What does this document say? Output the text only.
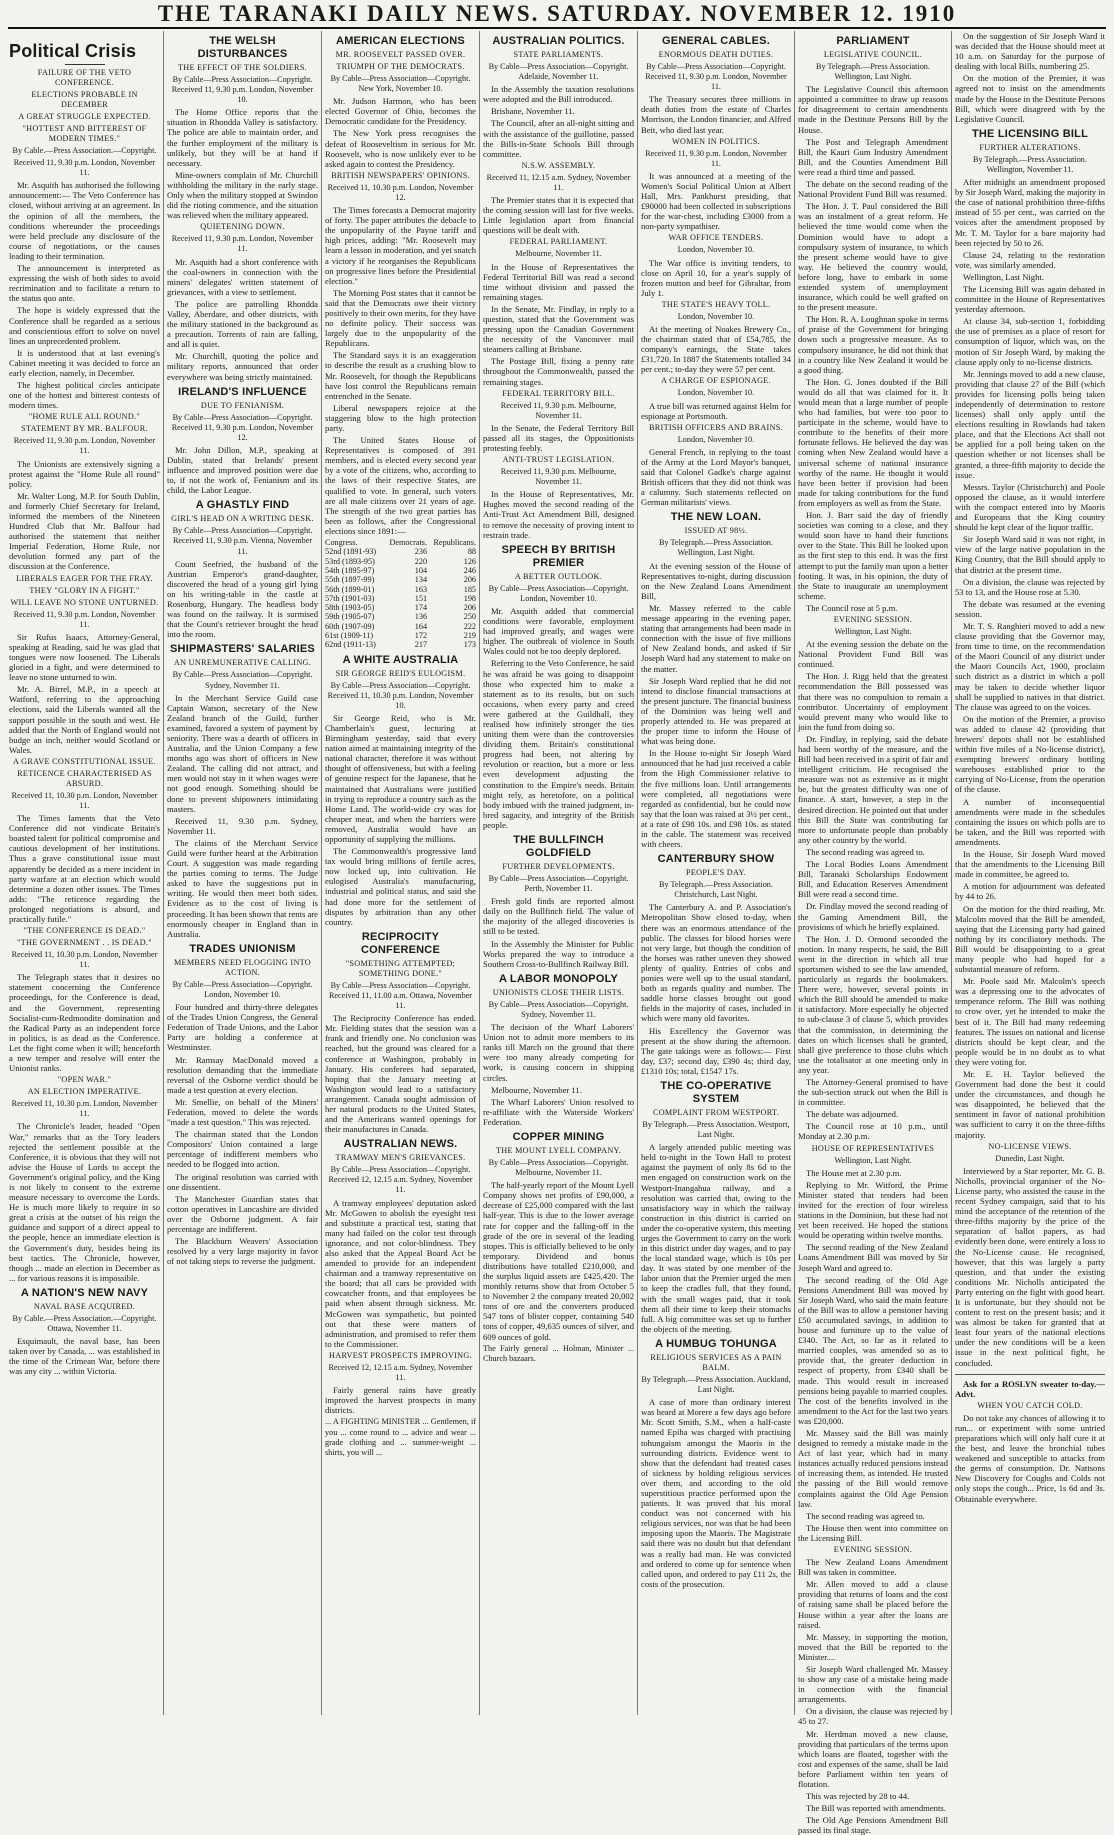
THE TARANAKI DAILY NEWS. SATURDAY. NOVEMBER 12. 1910
Political Crisis
FAILURE OF THE VETO CONFERENCE.
ELECTIONS PROBABLE IN DECEMBER
A GREAT STRUGGLE EXPECTED.
"HOTTEST AND BITTEREST OF MODERN TIMES."
By Cable.—Press Association.—Copyright.
Received 11, 9.30 p.m. London, November 11.

Mr. Asquith has authorised the following announcement:— The Veto Conference has closed, without arriving at an agreement. In the opinion of all the members, the conditions whereunder the proceedings were held preclude any disclosure of the course of negotiations, or the causes leading to their termination.

The announcement is interpreted as expressing the wish of both sides to avoid recrimination and to facilitate a return to the status quo ante.

The hope is widely expressed that the Conference shall be regarded as a serious and conscientious effort to solve on novel lines an unprecedented problem.

It is understood that at last evening's Cabinet meeting it was decided to force an early election, namely, in December.

The highest political circles anticipate one of the hottest and bitterest contests of modern times.

"HOME RULE ALL ROUND."
STATEMENT BY MR. BALFOUR.
Received 11, 9.30 p.m. London, November 11.

The Unionists are extensively signing a protest against the "Home Rule all round" policy.

Mr. Walter Long, M.P. for South Dublin, and formerly Chief Secretary for Ireland, informed the members of the Nineteen Hundred Club that Mr. Balfour had authorised the statement that neither Imperial Federation, Home Rule, nor devolution formed any part of the discussion at the Conference.

LIBERALS EAGER FOR THE FRAY.
THEY "GLORY IN A FIGHT."
WILL LEAVE NO STONE UNTURNED.
Received 11, 9.30 p.m. London, November 11.

Sir Rufus Isaacs, Attorney-General, speaking at Reading, said he was glad that tongues were now loosened. The Liberals gloried in a fight, and were determined to leave no stone unturned to win.

Mr. A. Birrel, M.P., in a speech at Watford, referring to the approaching elections, said the Liberals wanted all the support possible in the south and west. He added that the North of England would not budge an inch, neither would Scotland or Wales.

A GRAVE CONSTITUTIONAL ISSUE.
RETICENCE CHARACTERISED AS ABSURD.
Received 11, 10.30 p.m. London, November 11.

The Times laments that the Veto Conference did not vindicate Britain's boasted talent for political compromise and cautious development of her institutions. Thus a grave constitutional issue must apparently be decided as a mere incident in party warfare at an election which would determine a dozen other issues. The Times adds: "The reticence regarding the prolonged negotiations is absurd, and practically futile."

"THE CONFERENCE IS DEAD."
"THE GOVERNMENT . . IS DEAD."
Received 11, 10.30 p.m. London, November 11.

The Telegraph states that it desires no statement concerning the Conference proceedings, for the Conference is dead, and the Government, representing Socialist-cum-Redmondite domination and the Radical Party as an independent force in politics, is as dead as the Conference. Let the fight come when it will; henceforth a new temper and resolve will enter the Unionist ranks.

"OPEN WAR."
AN ELECTION IMPERATIVE.
Received 11, 10.30 p.m. London, November 11.

The Chronicle's leader, headed "Open War," remarks that as the Tory leaders rejected the settlement possible at the Conference, it is obvious that they will not advise the House of Lords to accept the Government's original policy, and the King is not likely to consent to the extreme measure necessary to overcome the Lords. He is much more likely to require in so great a crisis at the outset of his reign the guidance and support of a direct appeal to the people, hence an immediate election is the Government's duty, besides being its best tactics. The Chronicle, however, though ... made an election in December as ... for various reasons it is impossible.

A NATION'S NEW NAVY
NAVAL BASE ACQUIRED.
By Cable.—Press Association.—Copyright. Ottawa, November 11.

Esquimault, the naval base, has been taken over by Canada, ... was established in the time of the Crimean War, before there was any city ... within Victoria.

THE WELSH DISTURBANCES
THE EFFECT OF THE SOLDIERS.
By Cable—Press Association—Copyright. Received 11, 9.30 p.m. London, November 10.

The Home Office reports that the situation in Rhondda Valley is satisfactory. The police are able to maintain order, and the further employment of the military is unlikely, but they will be at hand if necessary.

Mine-owners complain of Mr. Churchill withholding the military in the early stage. Only when the military stopped at Swindon did the rioting commence, and the situation was relieved when the military appeared.

QUIETENING DOWN.
Received 11, 9.30 p.m. London, November 11.

Mr. Asquith had a short conference with the coal-owners in connection with the miners' delegates' written statement of grievances, with a view to settlement.

The police are patrolling Rhondda Valley, Aberdare, and other districts, with the military stationed in the background as a precaution. Torrents of rain are falling, and all is quiet.

Mr. Churchill, quoting the police and military reports, announced that order everywhere was being strictly maintained.

IRELAND'S INFLUENCE
DUE TO FENIANISM.
By Cable—Press Association—Copyright. Received 11, 9.30 p.m. London, November 12.

Mr. John Dillon, M.P., speaking at Dublin, stated that Irelands' present influence and improved position were due to, if not the work of, Fenianism and its child, the Labor League.

A GHASTLY FIND
GIRL'S HEAD ON A WRITING DESK.
By Cable—Press Association—Copyright. Received 11, 9.30 p.m. Vienna, November 11.

Count Seefried, the husband of the Austrian Emperor's grand-daughter, discovered the head of a young girl lying on his writing-table in the castle at Rosenburg, Hungary. The headless body was found on the railway. It is surmised that the Count's retriever brought the head into the room.

SHIPMASTERS' SALARIES
AN UNREMUNERATIVE CALLING.
By Cable—Press Association—Copyright. Sydney, November 11.

In the Merchant Service Guild case Captain Watson, secretary of the New Zealand branch of the Guild, further examined, favored a system of payment by seniority. There was a dearth of officers in Australia, and the Union Company a few months ago was short of officers in New Zealand. The calling did not attract, and men would not stay in it when wages were not good enough. Something should be done to prevent shipowners intimidating masters.

Received 11, 9.30 p.m. Sydney, November 11.

The claims of the Merchant Service Guild were further heard at the Arbitration Court. A suggestion was made regarding the parties coming to terms. The Judge asked to have the suggestions put in writing. He would then meet both sides. Evidence as to the cost of living is proceeding. It has been shown that rents are enormously cheaper in England than in Australia.

TRADES UNIONISM
MEMBERS NEED FLOGGING INTO ACTION.
By Cable—Press Association—Copyright. London, November 10.

Four hundred and thirty-three delegates of the Trades Union Congress, the General Federation of Trade Unions, and the Labor Party are holding a conference at Westminster.

Mr. Ramsay MacDonald moved a resolution demanding that the immediate reversal of the Osborne verdict should be made a test question at every election.

Mr. Smellie, on behalf of the Miners' Federation, moved to delete the words "made a test question." This was rejected.

The chairman stated that the London Compositors' Union contained a large percentage of indifferent members who needed to be flogged into action.

The original resolution was carried with one dissentient.

The Manchester Guardian states that cotton operatives in Lancashire are divided over the Osborne judgment. A fair percentage are indifferent.

The Blackburn Weavers' Association resolved by a very large majority in favor of not taking steps to reverse the judgment.

AMERICAN ELECTIONS
MR. ROOSEVELT PASSED OVER.
TRIUMPH OF THE DEMOCRATS.
By Cable—Press Association—Copyright. New York, November 10.

Mr. Judson Harmon, who has been elected Governor of Ohio, becomes the Democratic candidate for the Presidency.

The New York press recognises the defeat of Rooseveltism in serious for Mr. Roosevelt, who is now unlikely ever to be asked again to contest the Presidency.

BRITISH NEWSPAPERS' OPINIONS.
Received 11, 10.30 p.m. London, November 12.

The Times forecasts a Democrat majority of forty. The paper attributes the debacle to the unpopularity of the Payne tariff and high prices, adding: "Mr. Roosevelt may learn a lesson in moderation, and yet snatch a victory if he reorganises the Republicans on progressive lines before the Presidential election."

The Morning Post states that it cannot be said that the Democrats owe their victory positively to their own merits, for they have no definite policy. Their success was largely due to the unpopularity of the Republicans.

The Standard says it is an exaggeration to describe the result as a crushing blow to Mr. Roosevelt, for though the Republicans have lost control the Republicans remain entrenched in the Senate.

Liberal newspapers rejoice at the staggering blow to the high protection party.

The United States House of Representatives is composed of 391 members, and is elected every second year by a vote of the citizens, who, according to the laws of their respective States, are qualified to vote. In general, such voters are all male citizens over 21 years of age. The strength of the two great parties has been as follows, after the Congressional elections since 1891:—

Congress.	Democrats.	Republicans.
52nd (1891-93)	236	88
53rd (1893-95)	220	126
54th (1895-97)	104	246
55th (1897-99)	134	206
56th (1899-01)	163	185
57th (1901-03)	151	198
58th (1903-05)	174	206
59th (1905-07)	136	250
60th (1907-09)	164	222
61st (1909-11)	172	219
62nd (1911-13)	217	173
A WHITE AUSTRALIA
SIR GEORGE REID'S EULOGISM.
By Cable—Press Association—Copyright. Received 11, 10.30 p.m. London, November 10.

Sir George Reid, who is Mr. Chamberlain's guest, lecturing at Birmingham yesterday, said that every nation aimed at maintaining integrity of the national character, therefore it was without thought of offensiveness, but with a feeling of genuine respect for the Japanese, that he maintained that Australians were justified in trying to reproduce a country such as the Home Land. The world-wide cry was for cheaper meat, and when the barriers were removed, Australia would have an opportunity of supplying the millions.

The Commonwealth's progressive land tax would bring millions of fertile acres, now locked up, into cultivation. He eulogised Australia's manufacturing, industrial and political status, and said she had done more for the settlement of disputes by arbitration than any other country.

RECIPROCITY CONFERENCE
"SOMETHING ATTEMPTED; SOMETHING DONE."
By Cable—Press Association—Copyright. Received 11, 11.00 a.m. Ottawa, November 11.

The Reciprocity Conference has ended. Mr. Fielding states that the session was a frank and friendly one. No conclusion was reached, but the ground was cleared for a conference at Washington, probably in January. His conferees had separated, hoping that the January meeting at Washington would lead to a satisfactory arrangement. Canada sought admission of her natural products to the United States, and the Americans wanted openings for their manufactures in Canada.

AUSTRALIAN NEWS.
TRAMWAY MEN'S GRIEVANCES.
By Cable—Press Association—Copyright. Received 12, 12.15 a.m. Sydney, November 11.

A tramway employees' deputation asked Mr. McGowen to abolish the eyesight test and substitute a practical test, stating that many had failed on the color test through ignorance, and not color-blindness. They also asked that the Appeal Board Act be amended to provide for an independent chairman and a tramway representative on the board; that all cars be provided with cowcatcher fronts, and that employees be paid when absent through sickness. Mr. McGowen was sympathetic, but pointed out that these were matters of administration, and promised to refer them to the Commissioner.

HARVEST PROSPECTS IMPROVING.
Received 12, 12.15 a.m. Sydney, November 11.

Fairly general rains have greatly improved the harvest prospects in many districts.

... A FIGHTING MINISTER ... Gentlemen, if you ... come round to ... advice and wear ... grade clothing and ... summer-weight ... shirts, you will ...
AUSTRALIAN POLITICS.
STATE PARLIAMENTS.
By Cable—Press Association—Copyright. Adelaide, November 11.

In the Assembly the taxation resolutions were adopted and the Bill introduced.

Brisbane, November 11.

The Council, after an all-night sitting and with the assistance of the guillotine, passed the Bills-in-State Schools Bill through committee.

N.S.W. ASSEMBLY.
Received 11, 12.15 a.m. Sydney, November 11.

The Premier states that it is expected that the coming session will last for five weeks. Little legislation apart from financial questions will be dealt with.

FEDERAL PARLIAMENT.
Melbourne, November 11.

In the House of Representatives the Federal Territorial Bill was read a second time without division and passed the remaining stages.

In the Senate, Mr. Findlay, in reply to a question, stated that the Government was pressing upon the Canadian Government the necessity of the Vancouver mail steamers calling at Brisbane.

The Postage Bill, fixing a penny rate throughout the Commonwealth, passed the remaining stages.

FEDERAL TERRITORY BILL.
Received 11, 9.30 p.m. Melbourne, November 11.

In the Senate, the Federal Territory Bill passed all its stages, the Oppositionists protesting feebly.

ANTI-TRUST LEGISLATION.
Received 11, 9.30 p.m. Melbourne, November 11.

In the House of Representatives, Mr. Hughes moved the second reading of the Anti-Trust Act Amendment Bill, designed to remove the necessity of proving intent to restrain trade.

SPEECH BY BRITISH PREMIER
A BETTER OUTLOOK.
By Cable—Press Association—Copyright. London, November 10.

Mr. Asquith added that commercial conditions were favorable, employment had improved greatly, and wages were higher. The outbreak of violence in South Wales could not be too deeply deplored.

Referring to the Veto Conference, he said he was afraid he was going to disappoint those who expected him to make a statement as to its results, but on such occasions, when every party and creed were gathered at the Guildhall, they realised how infinitely stronger the ties uniting them were than the controversies dividing them. Britain's constitutional progress had been, not altering by revolution or reaction, but a more or less even development adjusting the constitution to the Empire's needs. Britain might rely, as heretofore, on a political body imbued with the trained judgment, in-bred sagacity, and integrity of the British people.

THE BULLFINCH GOLDFIELD
FURTHER DEVELOPMENTS.
By Cable—Press Association—Copyright. Perth, November 11.

Fresh gold finds are reported almost daily on the Bullfinch field. The value of the majority of the alleged discoveries is still to be tested.

In the Assembly the Minister for Public Works prepared the way to introduce a Southern Cross-to-Bullfinch Railway Bill.

A LABOR MONOPOLY
UNIONISTS CLOSE THEIR LISTS.
By Cable—Press Association—Copyright. Sydney, November 11.

The decision of the Wharf Laborers' Union not to admit more members to its ranks till March on the ground that there were too many already competing for work, is causing concern in shipping circles.

Melbourne, November 11.

The Wharf Laborers' Union resolved to re-affiliate with the Waterside Workers' Federation.

COPPER MINING
THE MOUNT LYELL COMPANY.
By Cable—Press Association—Copyright. Melbourne, November 11.

The half-yearly report of the Mount Lyell Company shows net profits of £90,000, a decrease of £25,000 compared with the last half-year. This is due to the lower average rate for copper and the falling-off in the grade of the ore in several of the leading stopes. This is officially believed to be only temporary. Dividend and bonus distributions have totalled £210,000, and the surplus liquid assets are £425,420. The monthly returns show that from October 5 to November 2 the company treated 20,002 tons of ore and the converters produced 547 tons of blister copper, containing 540 tons of copper, 49,635 ounces of silver, and 609 ounces of gold.

The Fairly general ... Holman, Minister ... Church bazaars.
GENERAL CABLES.
ENORMOUS DEATH DUTIES.
By Cable—Press Association—Copyright. Received 11, 9.30 p.m. London, November 11.

The Treasury secures three millions in death duties from the estate of Charles Morrison, the London financier, and Alfred Beit, who died last year.

WOMEN IN POLITICS.
Received 11, 9.30 p.m. London, November 11.

It was announced at a meeting of the Women's Social Political Union at Albert Hall, Mrs. Pankhurst presiding, that £90000 had been collected in subscriptions for the war-chest, including £3000 from a non-party sympathiser.

WAR OFFICE TENDERS.
London, November 10.

The War office is inviting tenders, to close on April 10, for a year's supply of frozen mutton and beef for Gibraltar, from July 1.

THE STATE'S HEAVY TOLL.
London, November 10.

At the meeting of Noakes Brewery Co., the chairman stated that of £54,785, the company's earnings, the State takes £31,720. In 1887 the Statements totalled 34 per cent.; to-day they were 57 per cent.

A CHARGE OF ESPIONAGE.
London, November 10.

A true bill was returned against Helm for espionage at Portsmouth.

BRITISH OFFICERS AND BRAINS.
London, November 10.

General French, in replying to the toast of the Army at the Lord Mayor's banquet, said that Colonel Gadke's charge against British officers that they did not think was a calumny. Such statements reflected on German militarists' views.

THE NEW LOAN.
ISSUED AT 98½.
By Telegraph.—Press Association. Wellington, Last Night.

At the evening session of the House of Representatives to-night, during discussion on the New Zealand Loans Amendment Bill,

Mr. Massey referred to the cable message appearing in the evening paper, stating that arrangements had been made in connection with the issue of five millions of New Zealand bonds, and asked if Sir Joseph Ward had any statement to make on the matter.

Sir Joseph Ward replied that he did not intend to disclose financial transactions at the present juncture. The financial business of the Dominion was being well and properly attended to. He was prepared at the proper time to inform the House of what was being done.

In the House to-night Sir Joseph Ward announced that he had just received a cable from the High Commissioner relative to the five millions loan. Until arrangements were completed, all negotiations were regarded as confidential, but he could now say that the loan was raised at 3½ per cent., at a rate of £98 10s. and £98 10s. as stated in the cable. The statement was received with cheers.

CANTERBURY SHOW
PEOPLE'S DAY.
By Telegraph.—Press Association. Christchurch, Last Night.

The Canterbury A. and P. Association's Metropolitan Show closed to-day, when there was an enormous attendance of the public. The classes for blood horses were not very large, but though the condition of the horses was rather uneven they showed plenty of quality. Entries of cobs and ponies were well up to the usual standard, both as regards quality and number. The saddle horse classes brought out good fields in the majority of cases, included in which were many old favorites.

His Excellency the Governor was present at the show during the afternoon. The gate takings were as follows:— First day, £37; second day, £390 4s; third day, £1310 10s; total, £1547 17s.

THE CO-OPERATIVE SYSTEM
COMPLAINT FROM WESTPORT.
By Telegraph.—Press Association. Westport, Last Night.

A largely attended public meeting was held to-night in the Town Hall to protest against the payment of only 8s 6d to the men engaged on construction work on the Westport-Inangahua railway, and a resolution was carried that, owing to the unsatisfactory way in which the railway construction in this district is carried on under the co-operative system, this meeting urges the Government to carry on the work in this district under day wages, and to pay the local standard wage, which is 10s per day. It was stated by one member of the labor union that the Premier urged the men to keep the cradles full, that they found, with the small wages paid, that it took them all their time to keep their stomachs full. A big committee was set up to further the objects of the meeting.

A HUMBUG TOHUNGA
RELIGIOUS SERVICES AS A PAIN BALM.
By Telegraph.—Press Association. Auckland, Last Night.

A case of more than ordinary interest was heard at Morere a few days ago before Mr. Scott Smith, S.M., when a half-caste named Epiha was charged with practising tohungaism amongst the Maoris in the surrounding districts. Evidence went to show that the defendant had treated cases of sickness by holding religious services over them, and according to the old superstitious practice performed upon the patients. It was proved that his moral conduct was not concerned with his religious services, nor was that he had been imposing upon the Maoris. The Magistrate said there was no doubt but that defendant was a really bad man. He was convicted and ordered to come up for sentence when called upon, and ordered to pay £11 2s, the costs of the prosecution.

PARLIAMENT
LEGISLATIVE COUNCIL.
By Telegraph.—Press Association. Wellington, Last Night.

The Legislative Council this afternoon appointed a committee to draw up reasons for disagreement to certain amendments made in the Destitute Persons Bill by the House.

The Post and Telegraph Amendment Bill, the Kauri Gum Industry Amendment Bill, and the Counties Amendment Bill were read a third time and passed.

The debate on the second reading of the National Provident Fund Bill was resumed.

The Hon. J. T. Paul considered the Bill was an instalment of a great reform. He believed the time would come when the Dominion would have to adopt a compulsory system of insurance, to which the present scheme would have to give way. He believed the country would, before long, have to embark in some extended system of unemployment insurance, which could be well grafted on to the present measure.

The Hon. R. A. Loughnan spoke in terms of praise of the Government for bringing down such a progressive measure. As to compulsory insurance, he did not think that in a country like New Zealand it would be a good thing.

The Hon. G. Jones doubted if the Bill would do all that was claimed for it. It would mean that a large number of people who had families, but were too poor to participate in the scheme, would have to contribute to the benefits of their more fortunate fellows. He believed the day was coming when New Zealand would have a universal scheme of national insurance worthy of the name. He thought it would have been better if provision had been made for taking contributions for the fund from employers as well as from the State.

Hon. J. Barr said the day of friendly societies was coming to a close, and they would soon have to hand their functions over to the State. This Bill he looked upon as the first step to this end. It was the first attempt to put the family man upon a better footing. It was, in his opinion, the duty of the State to inaugurate an unemployment scheme.

The Council rose at 5 p.m.

EVENING SESSION.
Wellington, Last Night.

At the evening session the debate on the National Provident Fund Bill was continued.

The Hon. J. Rigg held that the greatest recommendation the Bill possessed was that there was no compulsion to remain a contributor. Uncertainty of employment would prevent many who would like to join the fund from doing so.

Dr. Findlay, in replying, said the debate had been worthy of the measure, and the Bill had been received in a spirit of fair and intelligent criticism. He recognised the measure was not as extensive as it might be, but the greatest difficulty was one of finance. A start, however, a step in the desired direction. He pointed out that under this Bill the State was contributing far more to unfortunate people than probably any other country by the world.

The second reading was agreed to.

The Local Bodies Loans Amendment Bill, Taranaki Scholarships Endowment Bill, and Education Reserves Amendment Bill were read a second time.

Dr. Findlay moved the second reading of the Gaming Amendment Bill, the provisions of which he briefly explained.

The Hon. J. D. Ormond seconded the motion. In many respects, he said, the Bill went in the direction in which all true sportsmen wished to see the law amended, particularly as regards the bookmakers. There were, however, several points in which the Bill should be amended to make it satisfactory. More especially he objected to sub-clause 3 of clause 5, which provides that the commission, in determining the dates on which licenses shall be granted, shall give preference to those clubs which use the totalisator at one meeting only in any year.

The Attorney-General promised to have the sub-section struck out when the Bill is in committee.

The debate was adjourned.

The Council rose at 10 p.m., until Monday at 2.30 p.m.

HOUSE OF REPRESENTATIVES
Wellington, Last Night.

The House met at 2.30 p.m.

Replying to Mr. Witford, the Prime Minister stated that tenders had been invited for the erection of four wireless stations in the Dominion, but these had not yet been received. He hoped the stations would be operating within twelve months.

The second reading of the New Zealand Loans Amendment Bill was moved by Sir Joseph Ward and agreed to.

The second reading of the Old Age Pensions Amendment Bill was moved by Sir Joseph Ward, who said the main feature of the Bill was to allow a pensioner having £50 accumulated savings, in addition to house and furniture up to the value of £340. The Act, so far as it related to married couples, was amended so as to provide that, the greater deduction in respect of property, from £340 shall be made. This would result in increased pensions being payable to married couples. The cost of the benefits involved in the amendment to the Act for the last two years was £20,000.

Mr. Massey said the Bill was mainly designed to remedy a mistake made in the Act of last year, which had in many instances actually reduced pensions instead of increasing them, as intended. He trusted the passing of the Bill would remove complaints against the Old Age Pension law.

The second reading was agreed to.

The House then went into committee on the Licensing Bill.

EVENING SESSION.

The New Zealand Loans Amendment Bill was taken in committee.

Mr. Allen moved to add a clause providing that returns of loans and the cost of raising same shall be placed before the House within a year after the loans are raised.

Mr. Massey, in supporting the motion, moved that the Bill be reported to the Minister....

Sir Joseph Ward challenged Mr. Massey to show any case of a mistake being made in connection with the financial arrangements.

On a division, the clause was rejected by 45 to 27.

Mr. Herdman moved a new clause, providing that particulars of the terms upon which loans are floated, together with the cost and expenses of the same, shall be laid before Parliament within ten years of flotation.

This was rejected by 28 to 44.

The Bill was reported with amendments.

The Old Age Pensions Amendment Bill passed its final stage.

On the suggestion of Sir Joseph Ward it was decided that the House should meet at 10 a.m. on Saturday for the purpose of dealing with local Bills, numbering 25.

On the motion of the Premier, it was agreed not to insist on the amendments made by the House in the Destitute Persons Bill, which were disagreed with by the Legislative Council.

THE LICENSING BILL
FURTHER ALTERATIONS.
By Telegraph.—Press Association. Wellington, November 11.

After midnight an amendment proposed by Sir Joseph Ward, making the majority in the case of national prohibition three-fifths instead of 55 per cent., was carried on the voices after the amendment proposed by Mr. T. M. Taylor for a bare majority had been rejected by 50 to 26.

Clause 24, relating to the restoration vote, was similarly amended.

Wellington, Last Night.

The Licensing Bill was again debated in committee in the House of Representatives yesterday afternoon.

At clause 34, sub-section 1, forbidding the use of premises as a place of resort for consumption of liquor, which was, on the motion of Sir Joseph Ward, by making the clause apply only to no-license districts.

Mr. Jennings moved to add a new clause, providing that clause 27 of the Bill (which provides for licensing polls being taken independently of determination to restore licenses) shall only apply until the elections resulting in Rowlands had taken place, and that the Elections Act shall not be applied for a poll being taken on the question whether or not licenses shall be granted, a three-fifth majority to decide the issue.

Messrs. Taylor (Christchurch) and Poole opposed the clause, as it would interfere with the compact entered into by Maoris and Europeans that the King country should be kept clear of the liquor traffic.

Sir Joseph Ward said it was not right, in view of the large native population in the King Country, that the Bill should apply to that district at the present time.

On a division, the clause was rejected by 53 to 13, and the House rose at 5.30.

The debate was resumed at the evening session.

Mr. T. S. Ranghieri moved to add a new clause providing that the Governor may, from time to time, on the recommendation of the Maori Council of any district under the Maori Councils Act, 1900, proclaim such district as a district in which a poll may be taken to decide whether liquor shall be supplied to natives in that district. The clause was agreed to on the voices.

On the motion of the Premier, a proviso was added to clause 42 (providing that brewers' depots shall not be established within five miles of a No-license district), exempting brewers' ordinary bottling warehouses established prior to the carrying of No-License, from the operation of the clause.

A number of inconsequential amendments were made in the schedules containing the issues on which polls are to be taken, and the Bill was reported with amendments.

In the House, Sir Joseph Ward moved that the amendments to the Licensing Bill made in committee, be agreed to.

A motion for adjournment was defeated by 44 to 26.

On the motion for the third reading, Mr. Malcolm moved that the Bill be amended, saying that the Licensing party had gained nothing by its conciliatory methods. The Bill would be disappointing to a great many people who had hoped for a substantial measure of reform.

Mr. Poole said Mr. Malcolm's speech was a depressing one to the advocates of temperance reform. The Bill was nothing to crow over, yet he intended to make the best of it. The Bill had many redeeming features. The issues on national and license districts should be kept clear, and the people would be in no doubt as to what they were voting for.

Mr. E. H. Taylor believed the Government had done the best it could under the circumstances, and though he was disappointed, he believed that the sentiment in favor of national prohibition was sufficient to carry it on the three-fifths majority.

NO-LICENSE VIEWS.
Dunedin, Last Night.

Interviewed by a Star reporter, Mr. G. B. Nicholls, provincial organiser of the No-License party, who assisted the cause in the recent Sydney campaign, said that to his mind the acceptance of the retention of the three-fifths majority by the price of the separation of ballot papers, as had evidently been done, were entirely a loss to the No-License cause. He recognised, however, that this was largely a party question, and that under the existing conditions Mr. Nicholls anticipated the Party entering on the fight with good heart. It is unfortunate, but they should not be content to rest on the present basis; and it was almost be taken for granted that at least four years of the national elections under the new conditions will be a keen issue in the next political fight, he concluded.

Ask for a ROSLYN sweater to-day.—Advt.

WHEN YOU CATCH COLD.

Do not take any chances of allowing it to run... or experiment with some untried preparations which will only half cure it at the best, and leave the bronchial tubes weakened and susceptible to attacks from the germs of consumption. Dr. Nattsons New Discovery for Coughs and Colds not only stops the cough... Price, 1s 6d and 3s. Obtainable everywhere.
